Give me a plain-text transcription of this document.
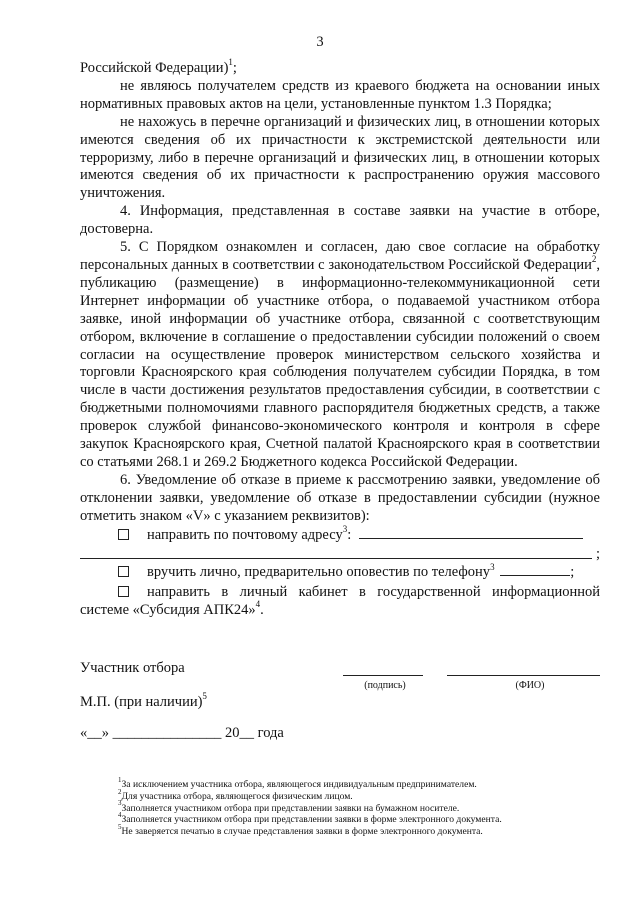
3

Российской Федерации)$^1$;

не являюсь получателем средств из краевого бюджета на основании иных нормативных правовых актов на цели, установленные пунктом 1.3 Порядка;

не нахожусь в перечне организаций и физических лиц, в отношении которых имеются сведения об их причастности к экстремистской деятельности или терроризму, либо в перечне организаций и физических лиц, в отношении которых имеются сведения об их причастности к распространению оружия массового уничтожения.

4. Информация, представленная в составе заявки на участие в отборе, достоверна.

5. С Порядком ознакомлен и согласен, даю свое согласие на обработку персональных данных в соответствии с законодательством Российской Федерации$^2$, публикацию (размещение) в информационно-телекоммуникационной сети Интернет информации об участнике отбора, о подаваемой участником отбора заявке, иной информации об участнике отбора, связанной с соответствующим отбором, включение в соглашение о предоставлении субсидии положений о своем согласии на осуществление проверок министерством сельского хозяйства и торговли Красноярского края соблюдения получателем субсидии Порядка, в том числе в части достижения результатов предоставления субсидии, в соответствии с бюджетными полномочиями главного распорядителя бюджетных средств, а также проверок службой финансово-экономического контроля и контроля в сфере закупок Красноярского края, Счетной палатой Красноярского края в соответствии со статьями 268.1 и 269.2 Бюджетного кодекса Российской Федерации.

6. Уведомление об отказе в приеме к рассмотрению заявки, уведомление об отклонении заявки, уведомление об отказе в предоставлении субсидии (нужное отметить знаком «V» с указанием реквизитов):

направить по почтовому адресу$^3$:
;
вручить лично, предварительно оповестив по телефону$^3$	;

направить в личный кабинет в государственной информационной системе «Субсидия АПК24»$^4$.

Участник отбора
(подпись)	(ФИО)
М.П. (при наличии)$^5$
«__» _______________ 20__ года
$^1$За исключением участника отбора, являющегося индивидуальным предпринимателем.
$^2$Для участника отбора, являющегося физическим лицом.
$^3$Заполняется участником отбора при представлении заявки на бумажном носителе.
$^4$Заполняется участником отбора при представлении заявки в форме электронного документа.
$^5$Не заверяется печатью в случае представления заявки в форме электронного документа.
